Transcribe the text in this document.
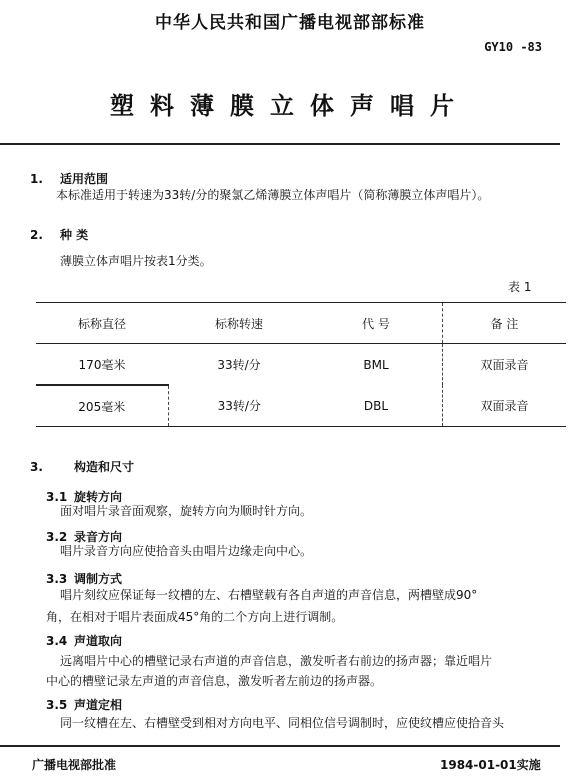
中华人民共和国广播电视部部标准
GY10 -83
塑料薄膜立体声唱片
1. 适用范围
本标准适用于转速为33转/分的聚氯乙烯薄膜立体声唱片（简称薄膜立体声唱片）。
2. 种 类
薄膜立体声唱片按表1分类。
表 1
标称直径	标称转速	代 号	备 注
170毫米	33转/分	BML	双面录音
205毫米	33转/分	DBL	双面录音
3.	构造和尺寸
3.1 旋转方向
面对唱片录音面观察，旋转方向为顺时针方向。
3.2 录音方向
唱片录音方向应使拾音头由唱片边缘走向中心。
3.3 调制方式
唱片刻纹应保证每一纹槽的左、右槽壁载有各自声道的声音信息，两槽壁成90°
角，在相对于唱片表面成45°角的二个方向上进行调制。
3.4 声道取向
远离唱片中心的槽壁记录右声道的声音信息，激发听者右前边的扬声器；靠近唱片
中心的槽壁记录左声道的声音信息，激发听者左前边的扬声器。
3.5 声道定相
同一纹槽在左、右槽壁受到相对方向电平、同相位信号调制时，应使纹槽应使拾音头
广播电视部批准	1984-01-01实施
